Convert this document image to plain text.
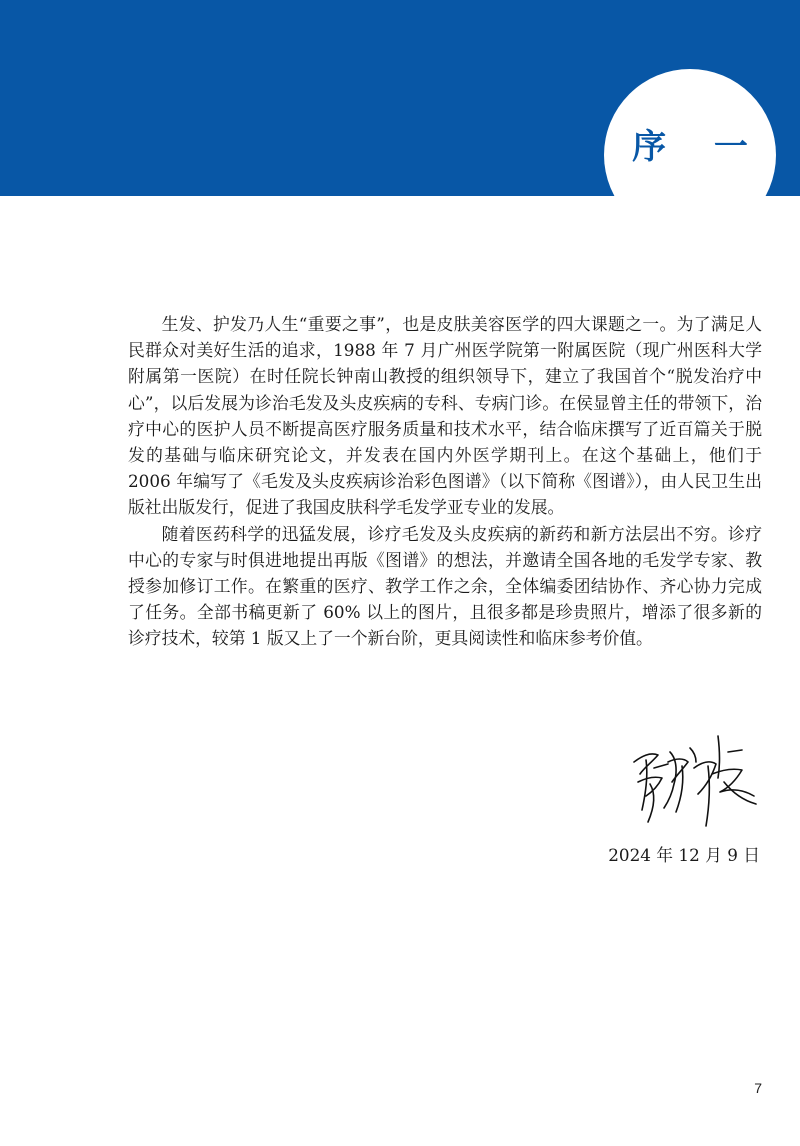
序 一

生发、护发乃人生“重要之事”，也是皮肤美容医学的四大课题之一。为了满足人民群众对美好生活的追求，1988 年 7 月广州医学院第一附属医院（现广州医科大学附属第一医院）在时任院长钟南山教授的组织领导下，建立了我国首个“脱发治疗中心”，以后发展为诊治毛发及头皮疾病的专科、专病门诊。在侯显曾主任的带领下，治疗中心的医护人员不断提高医疗服务质量和技术水平，结合临床撰写了近百篇关于脱发的基础与临床研究论文，并发表在国内外医学期刊上。在这个基础上，他们于 2006 年编写了《毛发及头皮疾病诊治彩色图谱》（以下简称《图谱》），由人民卫生出版社出版发行，促进了我国皮肤科学毛发学亚专业的发展。

随着医药科学的迅猛发展，诊疗毛发及头皮疾病的新药和新方法层出不穷。诊疗中心的专家与时俱进地提出再版《图谱》的想法，并邀请全国各地的毛发学专家、教授参加修订工作。在繁重的医疗、教学工作之余，全体编委团结协作、齐心协力完成了任务。全部书稿更新了 60% 以上的图片，且很多都是珍贵照片，增添了很多新的诊疗技术，较第 1 版又上了一个新台阶，更具阅读性和临床参考价值。

2024 年 12 月 9 日
7
